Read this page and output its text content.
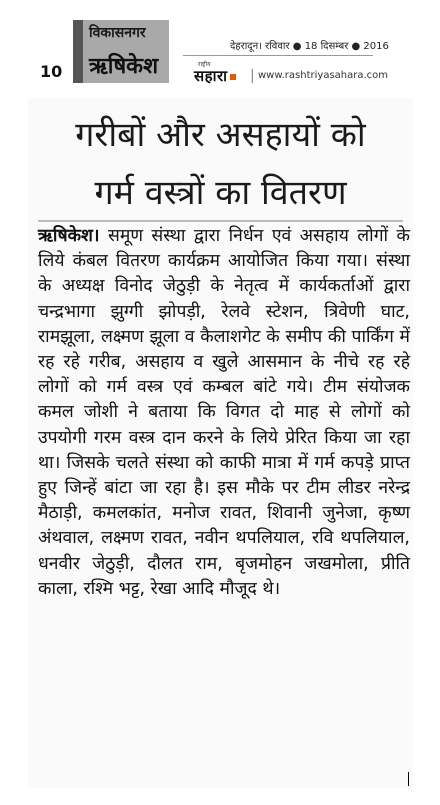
10
विकासनगर
ऋषिकेश
देहरादून। रविवार ● 18 दिसम्बर ● 2016
राष्ट्रीय
सहारा	| www.rashtriyasahara.com
गरीबों और असहायों को
गर्म वस्त्रों का वितरण

ऋषिकेश। समूण संस्था द्वारा निर्धन एवं असहाय लोगों के लिये कंबल वितरण कार्यक्रम आयोजित किया गया। संस्था के अध्यक्ष विनोद जेठुड़ी के नेतृत्व में कार्यकर्ताओं द्वारा चन्द्रभागा झुग्गी झोपड़ी, रेलवे स्टेशन, त्रिवेणी घाट, रामझूला, लक्ष्मण झूला व कैलाशगेट के समीप की पार्किंग में रह रहे गरीब, असहाय व खुले आसमान के नीचे रह रहे लोगों को गर्म वस्त्र एवं कम्बल बांटे गये। टीम संयोजक कमल जोशी ने बताया कि विगत दो माह से लोगों को उपयोगी गरम वस्त्र दान करने के लिये प्रेरित किया जा रहा था। जिसके चलते संस्था को काफी मात्रा में गर्म कपड़े प्राप्त हुए जिन्हें बांटा जा रहा है। इस मौके पर टीम लीडर नरेन्द्र मैठाड़ी, कमलकांत, मनोज रावत, शिवानी जुनेजा, कृष्ण अंथवाल, लक्ष्मण रावत, नवीन थपलियाल, रवि थपलियाल, धनवीर जेठुड़ी, दौलत राम, बृजमोहन जखमोला, प्रीति काला, रश्मि भट्ट, रेखा आदि मौजूद थे।
